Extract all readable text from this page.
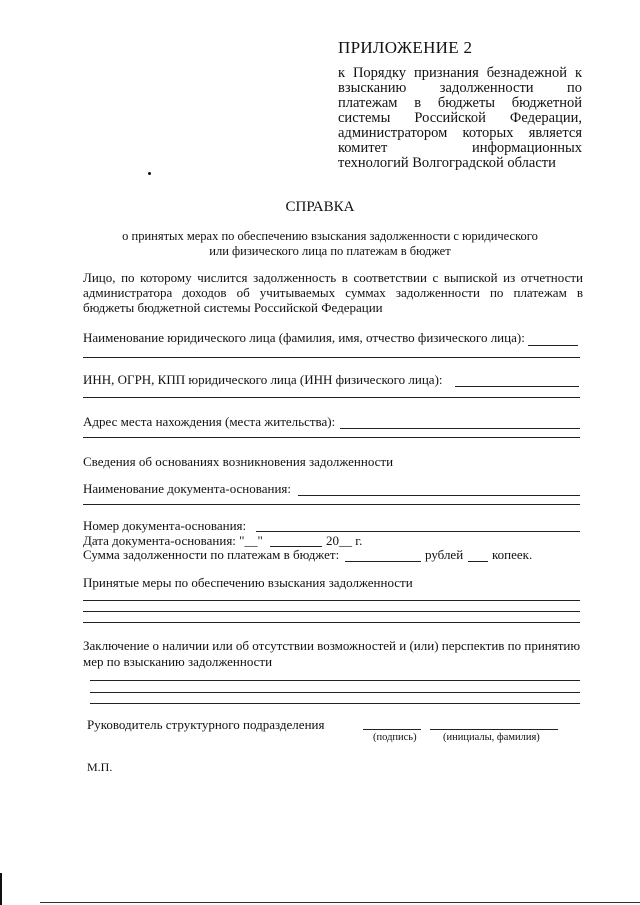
ПРИЛОЖЕНИЕ 2
к Порядку признания безнадежной к
взысканию задолженности по
платежам в бюджеты бюджетной
системы Российской Федерации,
администратором которых является
комитет информационных
технологий Волгоградской области
СПРАВКА
о принятых мерах по обеспечению взыскания задолженности с юридического
или физического лица по платежам в бюджет
Лицо, по которому числится задолженность в соответствии с выпиской из отчетности
администратора доходов об учитываемых суммах задолженности по платежам в
бюджеты бюджетной системы Российской Федерации
Наименование юридического лица (фамилия, имя, отчество физического лица):
ИНН, ОГРН, КПП юридического лица (ИНН физического лица):
Адрес места нахождения (места жительства):
Сведения об основаниях возникновения задолженности
Наименование документа-основания:
Номер документа-основания:
Дата документа-основания: "__"	20__ г.
Сумма задолженности по платежам в бюджет:	рублей копеек.
Принятые меры по обеспечению взыскания задолженности
Заключение о наличии или об отсутствии возможностей и (или) перспектив по принятию
мер по взысканию задолженности
Руководитель структурного подразделения
(подпись)	(инициалы, фамилия)
М.П.
